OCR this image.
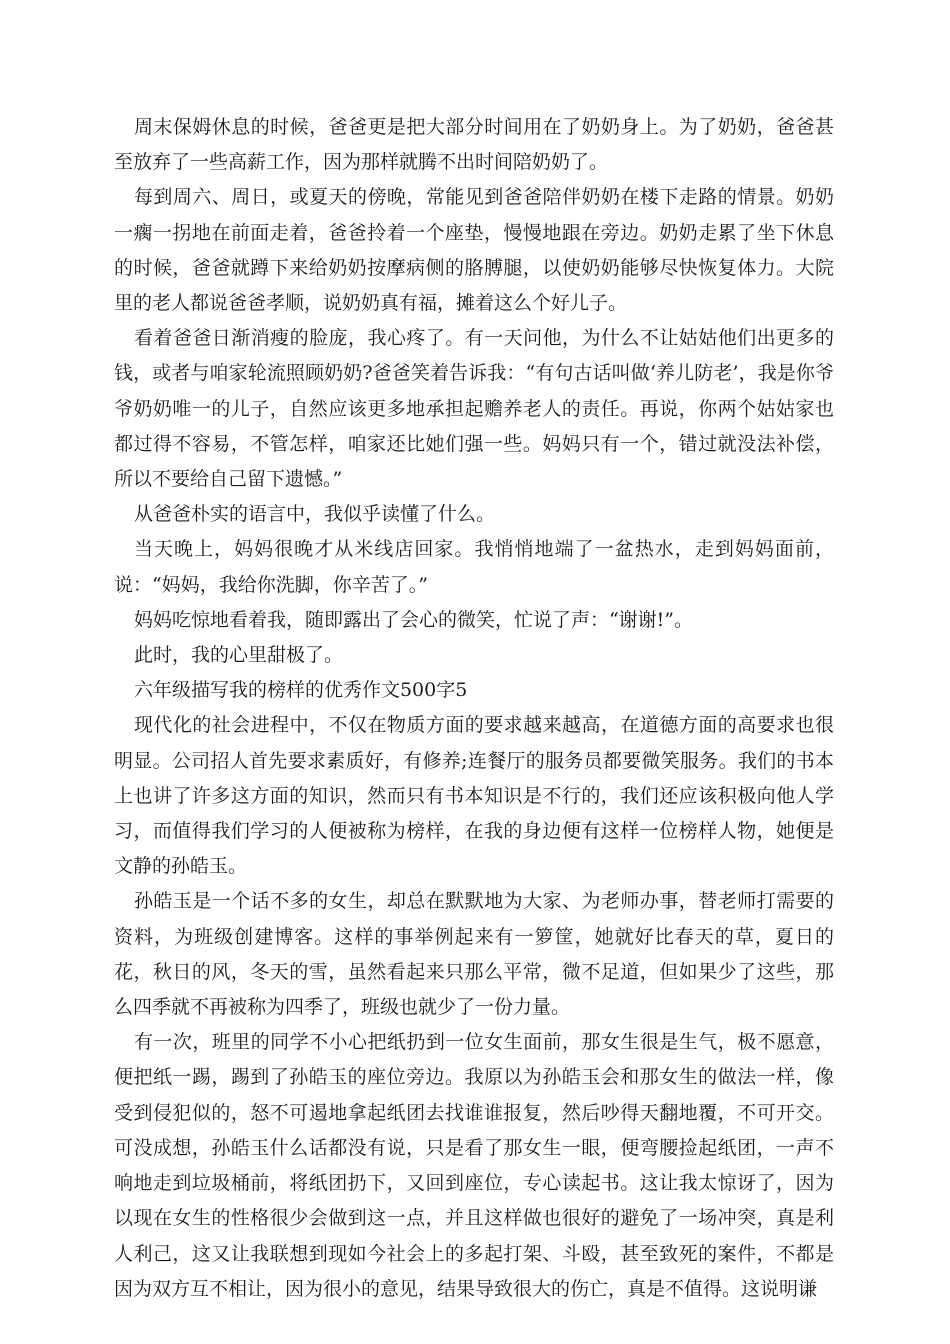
周末保姆休息的时候，爸爸更是把大部分时间用在了奶奶身上。为了奶奶，爸爸甚至放弃了一些高薪工作，因为那样就腾不出时间陪奶奶了。

每到周六、周日，或夏天的傍晚，常能见到爸爸陪伴奶奶在楼下走路的情景。奶奶一瘸一拐地在前面走着，爸爸拎着一个座垫，慢慢地跟在旁边。奶奶走累了坐下休息的时候，爸爸就蹲下来给奶奶按摩病侧的胳膊腿，以使奶奶能够尽快恢复体力。大院里的老人都说爸爸孝顺，说奶奶真有福，摊着这么个好儿子。

看着爸爸日渐消瘦的脸庞，我心疼了。有一天问他，为什么不让姑姑他们出更多的钱，或者与咱家轮流照顾奶奶?爸爸笑着告诉我：“有句古话叫做‘养儿防老’，我是你爷爷奶奶唯一的儿子，自然应该更多地承担起赡养老人的责任。再说，你两个姑姑家也都过得不容易，不管怎样，咱家还比她们强一些。妈妈只有一个，错过就没法补偿，所以不要给自己留下遗憾。”

从爸爸朴实的语言中，我似乎读懂了什么。

当天晚上，妈妈很晚才从米线店回家。我悄悄地端了一盆热水，走到妈妈面前，说：“妈妈，我给你洗脚，你辛苦了。”

妈妈吃惊地看着我，随即露出了会心的微笑，忙说了声：“谢谢!”。

此时，我的心里甜极了。

六年级描写我的榜样的优秀作文500字5

现代化的社会进程中，不仅在物质方面的要求越来越高，在道德方面的高要求也很明显。公司招人首先要求素质好，有修养;连餐厅的服务员都要微笑服务。我们的书本上也讲了许多这方面的知识，然而只有书本知识是不行的，我们还应该积极向他人学习，而值得我们学习的人便被称为榜样，在我的身边便有这样一位榜样人物，她便是文静的孙皓玉。

孙皓玉是一个话不多的女生，却总在默默地为大家、为老师办事，替老师打需要的资料，为班级创建博客。这样的事举例起来有一箩筐，她就好比春天的草，夏日的花，秋日的风，冬天的雪，虽然看起来只那么平常，微不足道，但如果少了这些，那么四季就不再被称为四季了，班级也就少了一份力量。

有一次，班里的同学不小心把纸扔到一位女生面前，那女生很是生气，极不愿意，便把纸一踢，踢到了孙皓玉的座位旁边。我原以为孙皓玉会和那女生的做法一样，像受到侵犯似的，怒不可遏地拿起纸团去找谁谁报复，然后吵得天翻地覆，不可开交。可没成想，孙皓玉什么话都没有说，只是看了那女生一眼，便弯腰捡起纸团，一声不响地走到垃圾桶前，将纸团扔下，又回到座位，专心读起书。这让我太惊讶了，因为以现在女生的性格很少会做到这一点，并且这样做也很好的避免了一场冲突，真是利人利己，这又让我联想到现如今社会上的多起打架、斗殴，甚至致死的案件，不都是因为双方互不相让，因为很小的意见，结果导致很大的伤亡，真是不值得。这说明谦
